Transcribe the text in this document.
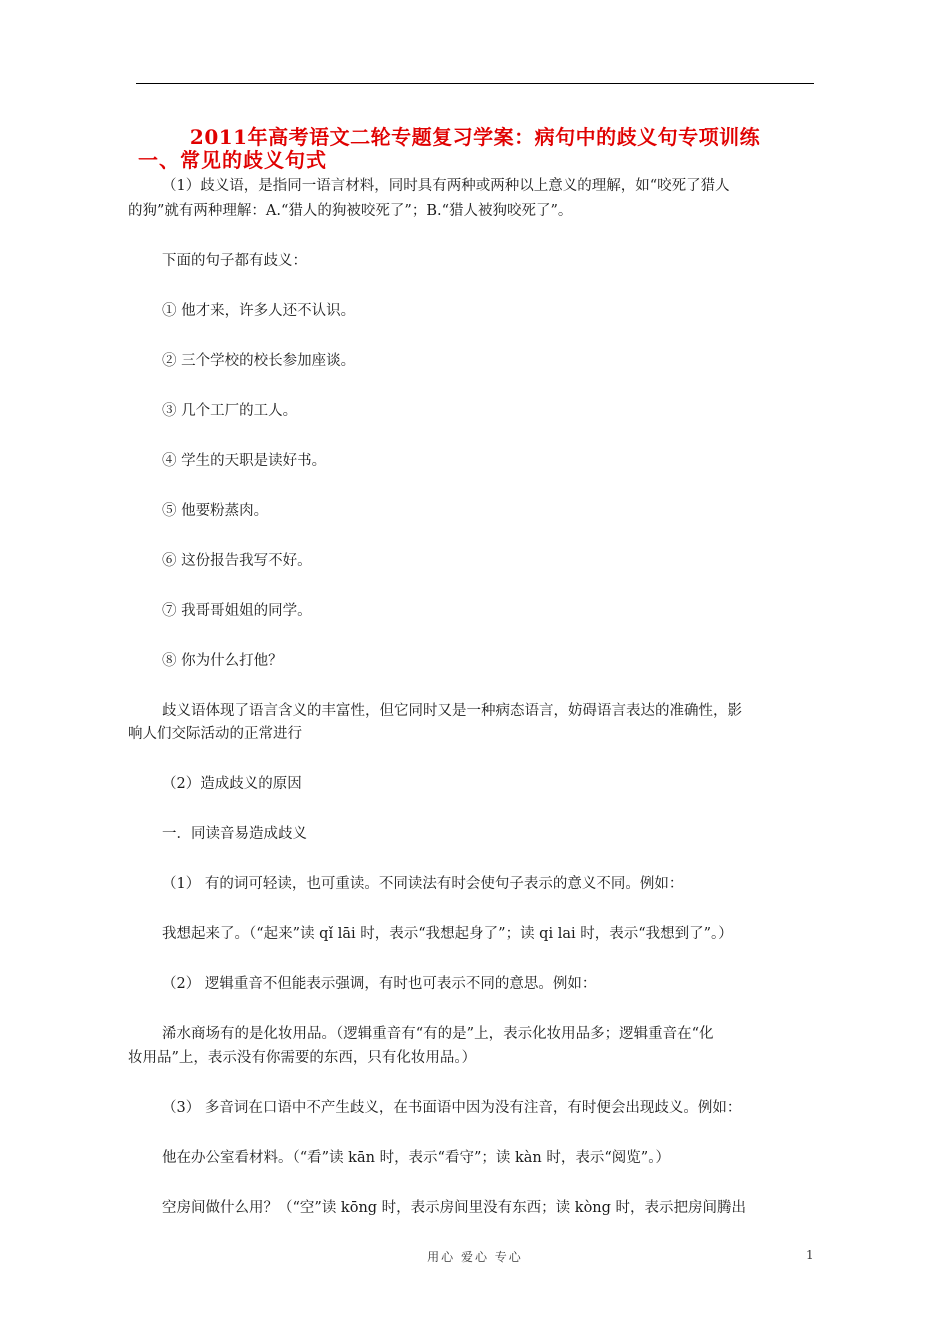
2011年高考语文二轮专题复习学案：病句中的歧义句专项训练
一、常见的歧义句式
（1）歧义语，是指同一语言材料，同时具有两种或两种以上意义的理解，如“咬死了猎人
的狗”就有两种理解：A.“猎人的狗被咬死了”；B.“猎人被狗咬死了”。
下面的句子都有歧义：
① 他才来，许多人还不认识。
② 三个学校的校长参加座谈。
③ 几个工厂的工人。
④ 学生的天职是读好书。
⑤ 他要粉蒸肉。
⑥ 这份报告我写不好。
⑦ 我哥哥姐姐的同学。
⑧ 你为什么打他？
歧义语体现了语言含义的丰富性，但它同时又是一种病态语言，妨碍语言表达的准确性，影
响人们交际活动的正常进行
（2）造成歧义的原因
一．同读音易造成歧义
（1） 有的词可轻读，也可重读。不同读法有时会使句子表示的意义不同。例如：
我想起来了。（“起来”读 qǐ lāi 时，表示“我想起身了”；读 qi lai 时，表示“我想到了”。）
（2） 逻辑重音不但能表示强调，有时也可表示不同的意思。例如：
浠水商场有的是化妆用品。（逻辑重音有“有的是”上，表示化妆用品多；逻辑重音在“化
妆用品”上，表示没有你需要的东西，只有化妆用品。）
（3） 多音词在口语中不产生歧义，在书面语中因为没有注音，有时便会出现歧义。例如：
他在办公室看材料。（“看”读 kān 时，表示“看守”；读 kàn 时，表示“阅览”。）
空房间做什么用？（“空”读 kōng 时，表示房间里没有东西；读 kòng 时，表示把房间腾出
用心 爱心 专心	1
